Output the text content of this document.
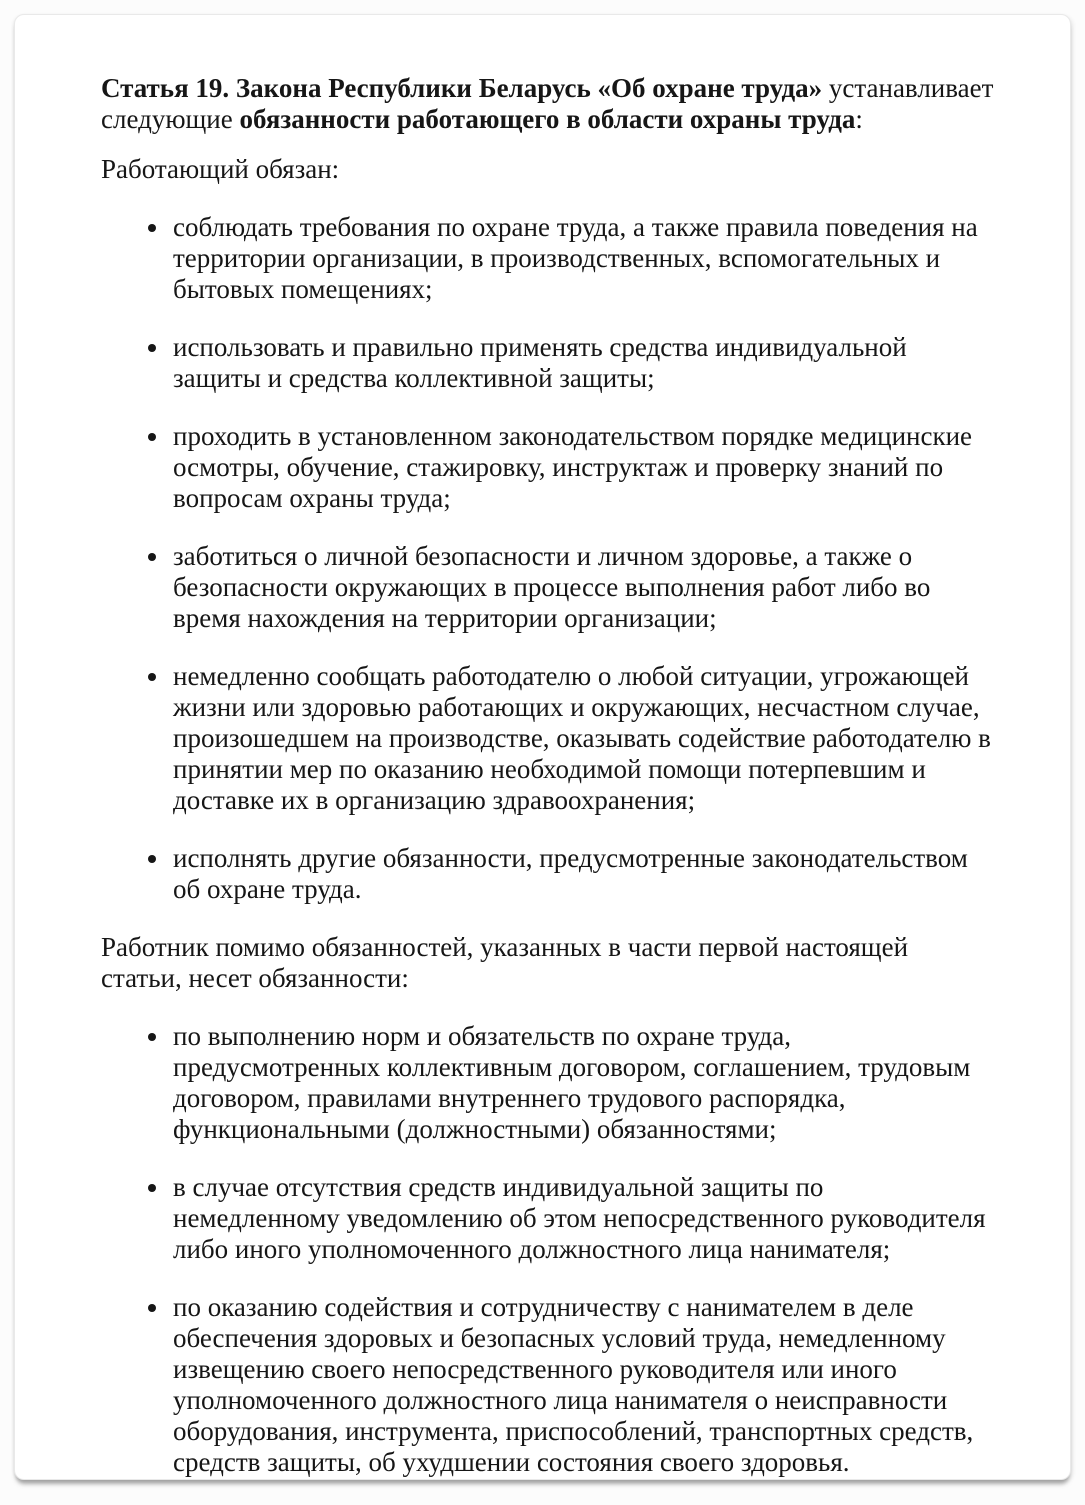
Статья 19. Закона Республики Беларусь «Об охране труда» устанавливает следующие обязанности работающего в области охраны труда:

Работающий обязан:

• соблюдать требования по охране труда, а также правила поведения на территории организации, в производственных, вспомогательных и бытовых помещениях;
• использовать и правильно применять средства индивидуальной защиты и средства коллективной защиты;
• проходить в установленном законодательством порядке медицинские осмотры, обучение, стажировку, инструктаж и проверку знаний по вопросам охраны труда;
• заботиться о личной безопасности и личном здоровье, а также о безопасности окружающих в процессе выполнения работ либо во время нахождения на территории организации;
• немедленно сообщать работодателю о любой ситуации, угрожающей жизни или здоровью работающих и окружающих, несчастном случае, произошедшем на производстве, оказывать содействие работодателю в принятии мер по оказанию необходимой помощи потерпевшим и доставке их в организацию здравоохранения;
• исполнять другие обязанности, предусмотренные законодательством об охране труда.

Работник помимо обязанностей, указанных в части первой настоящей статьи, несет обязанности:

• по выполнению норм и обязательств по охране труда, предусмотренных коллективным договором, соглашением, трудовым договором, правилами внутреннего трудового распорядка, функциональными (должностными) обязанностями;
• в случае отсутствия средств индивидуальной защиты по немедленному уведомлению об этом непосредственного руководителя либо иного уполномоченного должностного лица нанимателя;
• по оказанию содействия и сотрудничеству с нанимателем в деле обеспечения здоровых и безопасных условий труда, немедленному извещению своего непосредственного руководителя или иного уполномоченного должностного лица нанимателя о неисправности оборудования, инструмента, приспособлений, транспортных средств, средств защиты, об ухудшении состояния своего здоровья.
